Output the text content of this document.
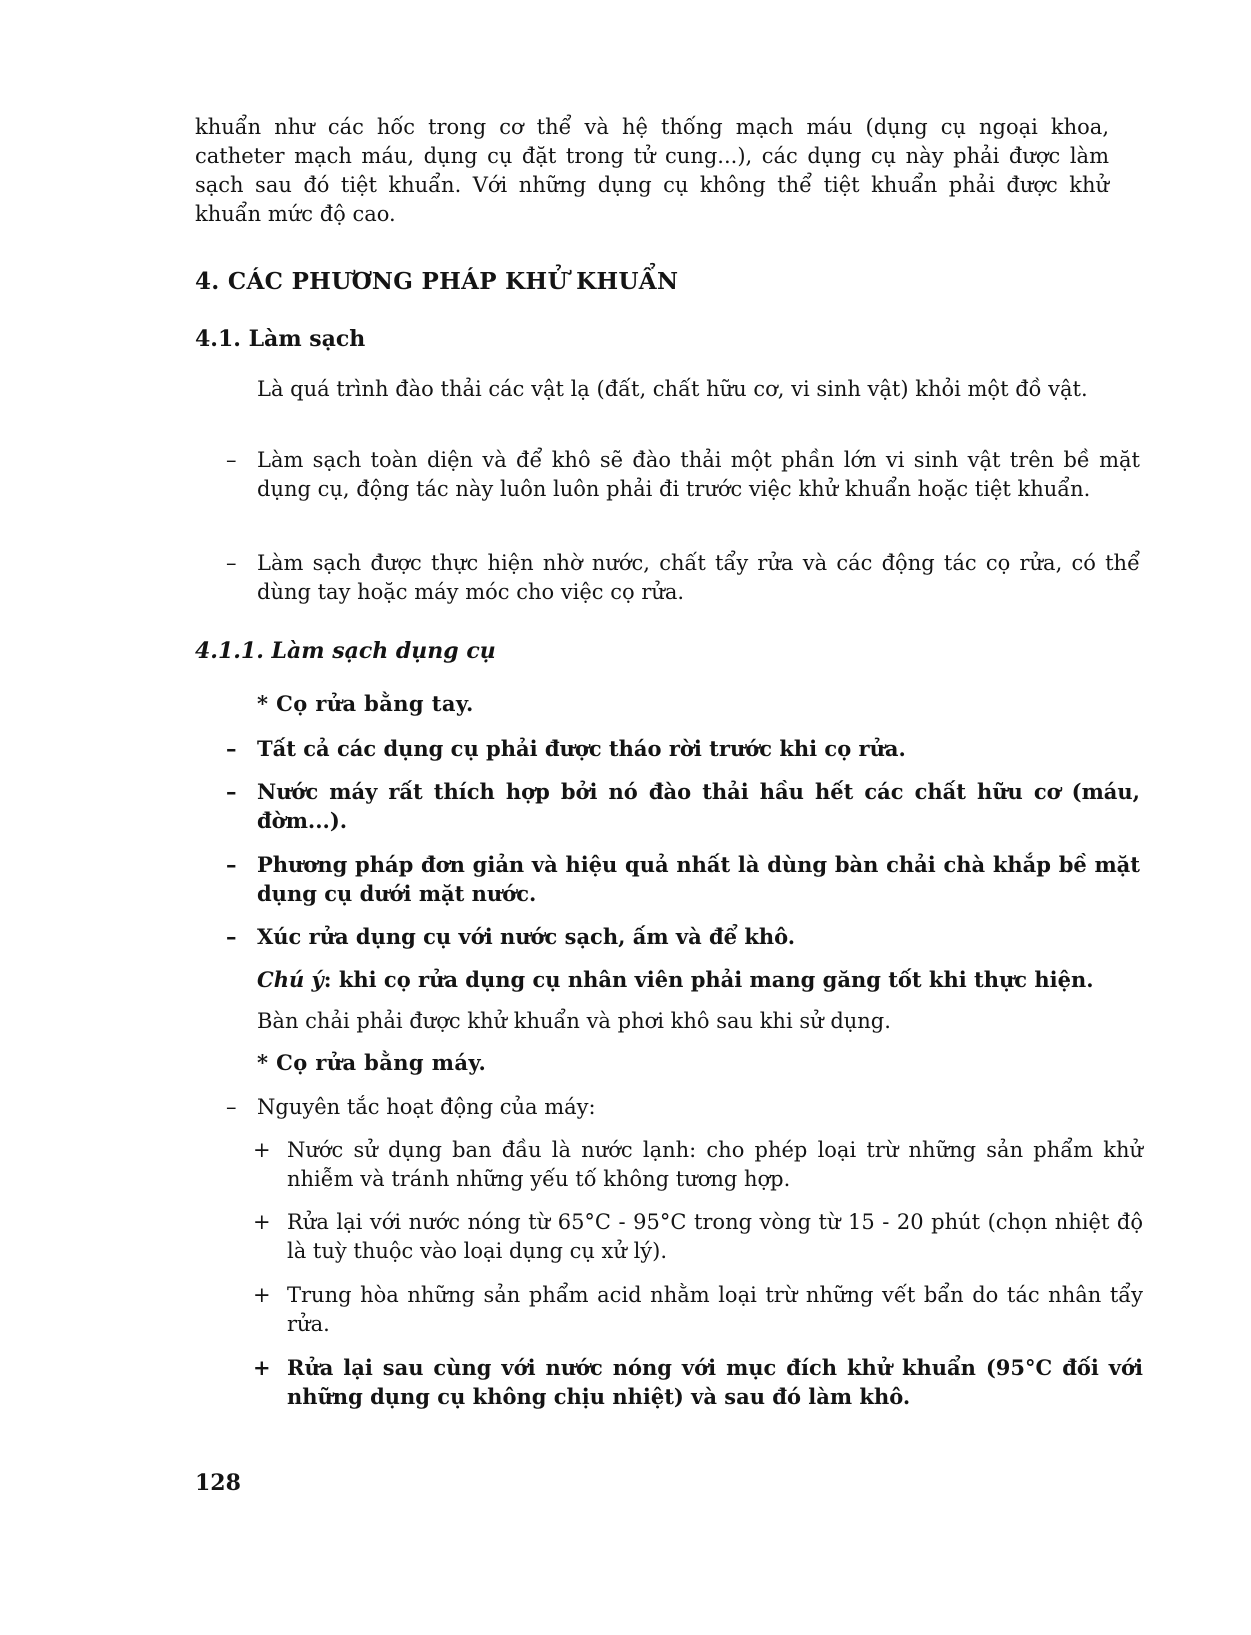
khuẩn như các hốc trong cơ thể và hệ thống mạch máu (dụng cụ ngoại khoa, catheter mạch máu, dụng cụ đặt trong tử cung...), các dụng cụ này phải được làm sạch sau đó tiệt khuẩn. Với những dụng cụ không thể tiệt khuẩn phải được khử khuẩn mức độ cao.

4. CÁC PHƯƠNG PHÁP KHỬ KHUẨN
4.1. Làm sạch

Là quá trình đào thải các vật lạ (đất, chất hữu cơ, vi sinh vật) khỏi một đồ vật.

– Làm sạch toàn diện và để khô sẽ đào thải một phần lớn vi sinh vật trên bề mặt dụng cụ, động tác này luôn luôn phải đi trước việc khử khuẩn hoặc tiệt khuẩn.

– Làm sạch được thực hiện nhờ nước, chất tẩy rửa và các động tác cọ rửa, có thể dùng tay hoặc máy móc cho việc cọ rửa.

4.1.1. Làm sạch dụng cụ
* Cọ rửa bằng tay.

– Tất cả các dụng cụ phải được tháo rời trước khi cọ rửa.

– Nước máy rất thích hợp bởi nó đào thải hầu hết các chất hữu cơ (máu, đờm...).

– Phương pháp đơn giản và hiệu quả nhất là dùng bàn chải chà khắp bề mặt dụng cụ dưới mặt nước.

– Xúc rửa dụng cụ với nước sạch, ấm và để khô.

Chú ý: khi cọ rửa dụng cụ nhân viên phải mang găng tốt khi thực hiện.

Bàn chải phải được khử khuẩn và phơi khô sau khi sử dụng.

* Cọ rửa bằng máy.

– Nguyên tắc hoạt động của máy:

+ Nước sử dụng ban đầu là nước lạnh: cho phép loại trừ những sản phẩm khử nhiễm và tránh những yếu tố không tương hợp.

+ Rửa lại với nước nóng từ 65°C - 95°C trong vòng từ 15 - 20 phút (chọn nhiệt độ là tuỳ thuộc vào loại dụng cụ xử lý).

+ Trung hòa những sản phẩm acid nhằm loại trừ những vết bẩn do tác nhân tẩy rửa.

+ Rửa lại sau cùng với nước nóng với mục đích khử khuẩn (95°C đối với những dụng cụ không chịu nhiệt) và sau đó làm khô.

128
